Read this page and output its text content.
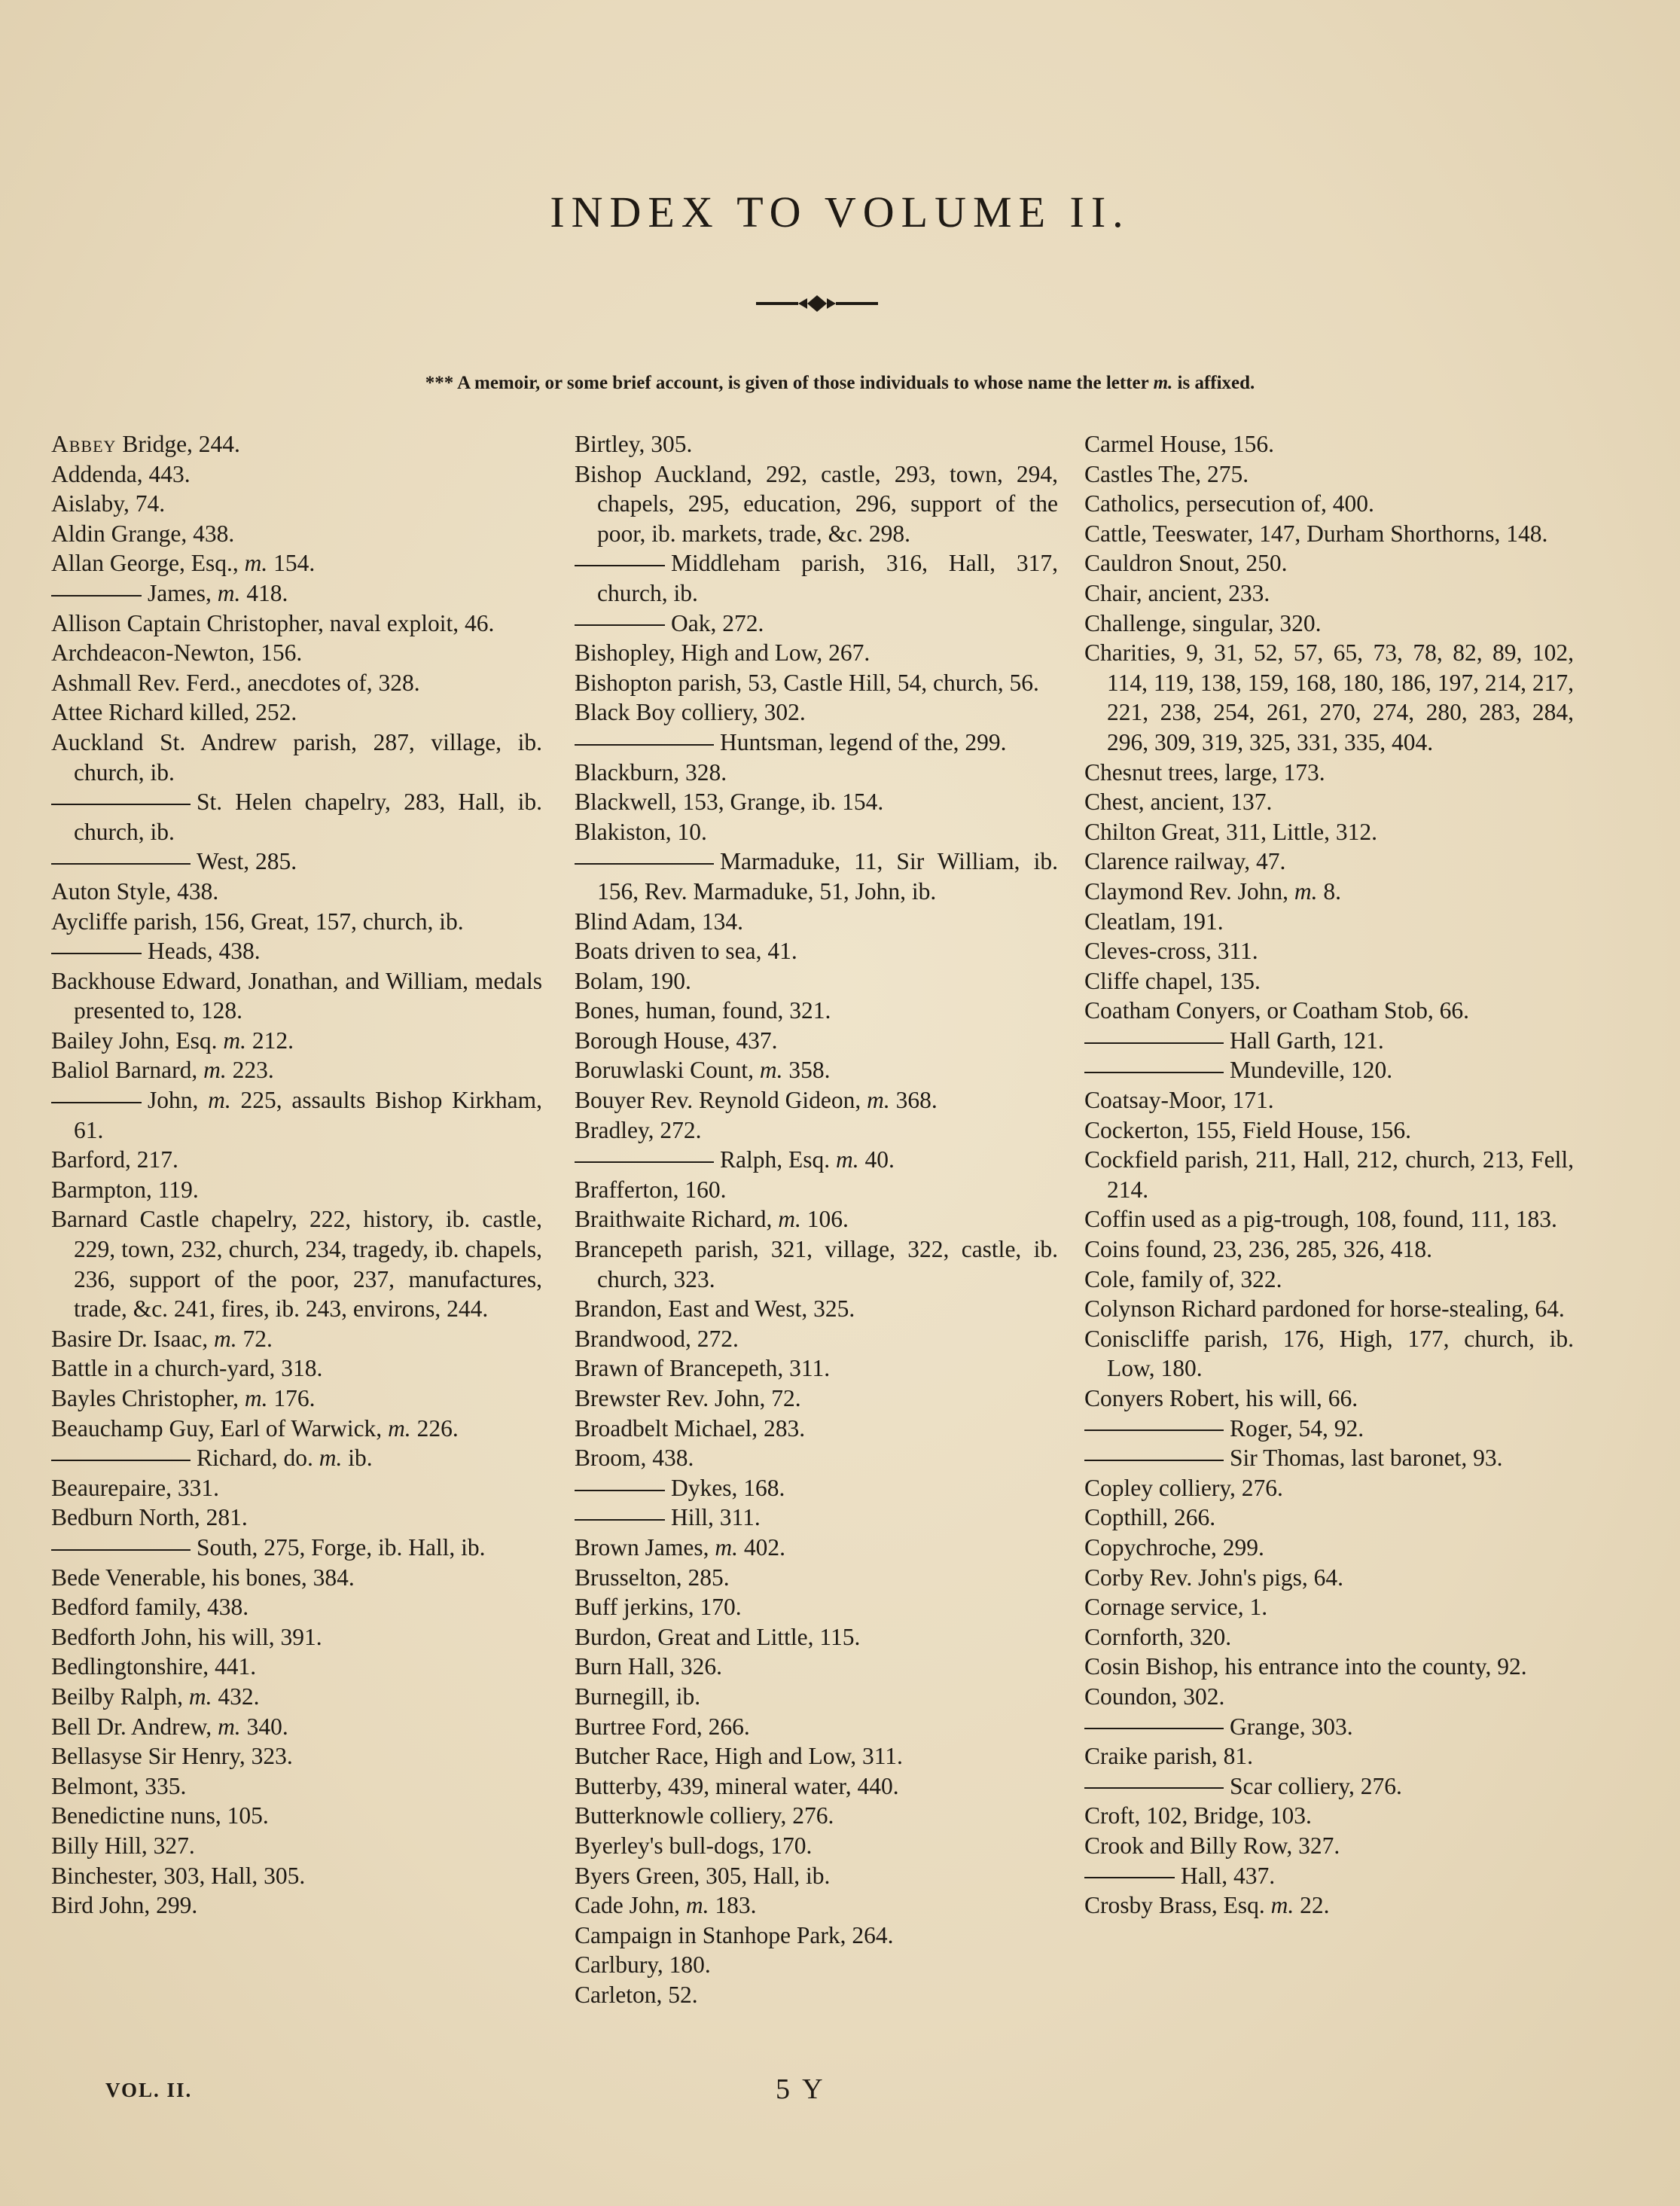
INDEX TO VOLUME II.
*** A memoir, or some brief account, is given of those individuals to whose name the letter m. is affixed.

Abbey Bridge, 244.

Addenda, 443.

Aislaby, 74.

Aldin Grange, 438.

Allan George, Esq., m. 154.

James, m. 418.

Allison Captain Christopher, naval exploit, 46.

Archdeacon-Newton, 156.

Ashmall Rev. Ferd., anecdotes of, 328.

Attee Richard killed, 252.

Auckland St. Andrew parish, 287, village, ib. church, ib.

St. Helen chapelry, 283, Hall, ib. church, ib.

West, 285.

Auton Style, 438.

Aycliffe parish, 156, Great, 157, church, ib.

Heads, 438.

Backhouse Edward, Jonathan, and William, medals presented to, 128.

Bailey John, Esq. m. 212.

Baliol Barnard, m. 223.

John, m. 225, assaults Bishop Kirkham, 61.

Barford, 217.

Barmpton, 119.

Barnard Castle chapelry, 222, history, ib. castle, 229, town, 232, church, 234, tragedy, ib. chapels, 236, support of the poor, 237, manufactures, trade, &c. 241, fires, ib. 243, environs, 244.

Basire Dr. Isaac, m. 72.

Battle in a church-yard, 318.

Bayles Christopher, m. 176.

Beauchamp Guy, Earl of Warwick, m. 226.

Richard, do. m. ib.

Beaurepaire, 331.

Bedburn North, 281.

South, 275, Forge, ib. Hall, ib.

Bede Venerable, his bones, 384.

Bedford family, 438.

Bedforth John, his will, 391.

Bedlingtonshire, 441.

Beilby Ralph, m. 432.

Bell Dr. Andrew, m. 340.

Bellasyse Sir Henry, 323.

Belmont, 335.

Benedictine nuns, 105.

Billy Hill, 327.

Binchester, 303, Hall, 305.

Bird John, 299.

Birtley, 305.

Bishop Auckland, 292, castle, 293, town, 294, chapels, 295, education, 296, support of the poor, ib. markets, trade, &c. 298.

Middleham parish, 316, Hall, 317, church, ib.

Oak, 272.

Bishopley, High and Low, 267.

Bishopton parish, 53, Castle Hill, 54, church, 56.

Black Boy colliery, 302.

Huntsman, legend of the, 299.

Blackburn, 328.

Blackwell, 153, Grange, ib. 154.

Blakiston, 10.

Marmaduke, 11, Sir William, ib. 156, Rev. Marmaduke, 51, John, ib.

Blind Adam, 134.

Boats driven to sea, 41.

Bolam, 190.

Bones, human, found, 321.

Borough House, 437.

Boruwlaski Count, m. 358.

Bouyer Rev. Reynold Gideon, m. 368.

Bradley, 272.

Ralph, Esq. m. 40.

Brafferton, 160.

Braithwaite Richard, m. 106.

Brancepeth parish, 321, village, 322, castle, ib. church, 323.

Brandon, East and West, 325.

Brandwood, 272.

Brawn of Brancepeth, 311.

Brewster Rev. John, 72.

Broadbelt Michael, 283.

Broom, 438.

Dykes, 168.

Hill, 311.

Brown James, m. 402.

Brusselton, 285.

Buff jerkins, 170.

Burdon, Great and Little, 115.

Burn Hall, 326.

Burnegill, ib.

Burtree Ford, 266.

Butcher Race, High and Low, 311.

Butterby, 439, mineral water, 440.

Butterknowle colliery, 276.

Byerley's bull-dogs, 170.

Byers Green, 305, Hall, ib.

Cade John, m. 183.

Campaign in Stanhope Park, 264.

Carlbury, 180.

Carleton, 52.

Carmel House, 156.

Castles The, 275.

Catholics, persecution of, 400.

Cattle, Teeswater, 147, Durham Shorthorns, 148.

Cauldron Snout, 250.

Chair, ancient, 233.

Challenge, singular, 320.

Charities, 9, 31, 52, 57, 65, 73, 78, 82, 89, 102, 114, 119, 138, 159, 168, 180, 186, 197, 214, 217, 221, 238, 254, 261, 270, 274, 280, 283, 284, 296, 309, 319, 325, 331, 335, 404.

Chesnut trees, large, 173.

Chest, ancient, 137.

Chilton Great, 311, Little, 312.

Clarence railway, 47.

Claymond Rev. John, m. 8.

Cleatlam, 191.

Cleves-cross, 311.

Cliffe chapel, 135.

Coatham Conyers, or Coatham Stob, 66.

Hall Garth, 121.

Mundeville, 120.

Coatsay-Moor, 171.

Cockerton, 155, Field House, 156.

Cockfield parish, 211, Hall, 212, church, 213, Fell, 214.

Coffin used as a pig-trough, 108, found, 111, 183.

Coins found, 23, 236, 285, 326, 418.

Cole, family of, 322.

Colynson Richard pardoned for horse-stealing, 64.

Coniscliffe parish, 176, High, 177, church, ib. Low, 180.

Conyers Robert, his will, 66.

Roger, 54, 92.

Sir Thomas, last baronet, 93.

Copley colliery, 276.

Copthill, 266.

Copychroche, 299.

Corby Rev. John's pigs, 64.

Cornage service, 1.

Cornforth, 320.

Cosin Bishop, his entrance into the county, 92.

Coundon, 302.

Grange, 303.

Craike parish, 81.

Scar colliery, 276.

Croft, 102, Bridge, 103.

Crook and Billy Row, 327.

Hall, 437.

Crosby Brass, Esq. m. 22.

VOL. II.	5 Y
